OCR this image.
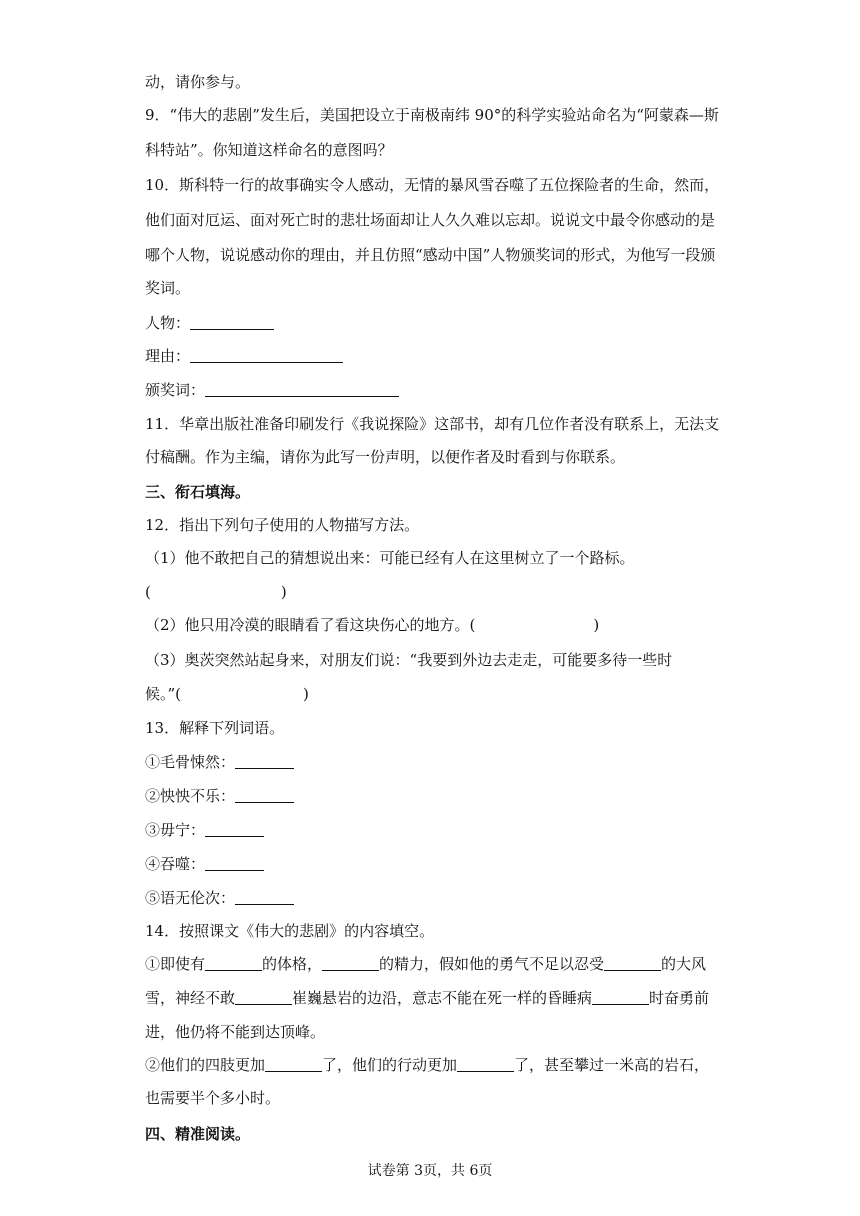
动，请你参与。
9．“伟大的悲剧”发生后，美国把设立于南极南纬 90°的科学实验站命名为“阿蒙森—斯
科特站”。你知道这样命名的意图吗？
10．斯科特一行的故事确实令人感动，无情的暴风雪吞噬了五位探险者的生命，然而，
他们面对厄运、面对死亡时的悲壮场面却让人久久难以忘却。说说文中最令你感动的是
哪个人物，说说感动你的理由，并且仿照“感动中国”人物颁奖词的形式，为他写一段颁
奖词。
人物：
理由：
颁奖词：
11．华章出版社准备印刷发行《我说探险》这部书，却有几位作者没有联系上，无法支
付稿酬。作为主编，请你为此写一份声明，以便作者及时看到与你联系。
三、衔石填海。
12．指出下列句子使用的人物描写方法。
（1）他不敢把自己的猜想说出来：可能已经有人在这里树立了一个路标。
(	)
（2）他只用冷漠的眼睛看了看这块伤心的地方。(	)
（3）奥茨突然站起身来，对朋友们说：“我要到外边去走走，可能要多待一些时
候。”(	)
13．解释下列词语。
①毛骨悚然：
②怏怏不乐：
③毋宁：
④吞噬：
⑤语无伦次：
14．按照课文《伟大的悲剧》的内容填空。
①即使有	的体格，	的精力，假如他的勇气不足以忍受	的大风
雪，神经不敢	崔巍悬岩的边沿，意志不能在死一样的昏睡病	时奋勇前
进，他仍将不能到达顶峰。
②他们的四肢更加	了，他们的行动更加	了，甚至攀过一米高的岩石，
也需要半个多小时。
四、精准阅读。
试卷第 3页，共 6页
